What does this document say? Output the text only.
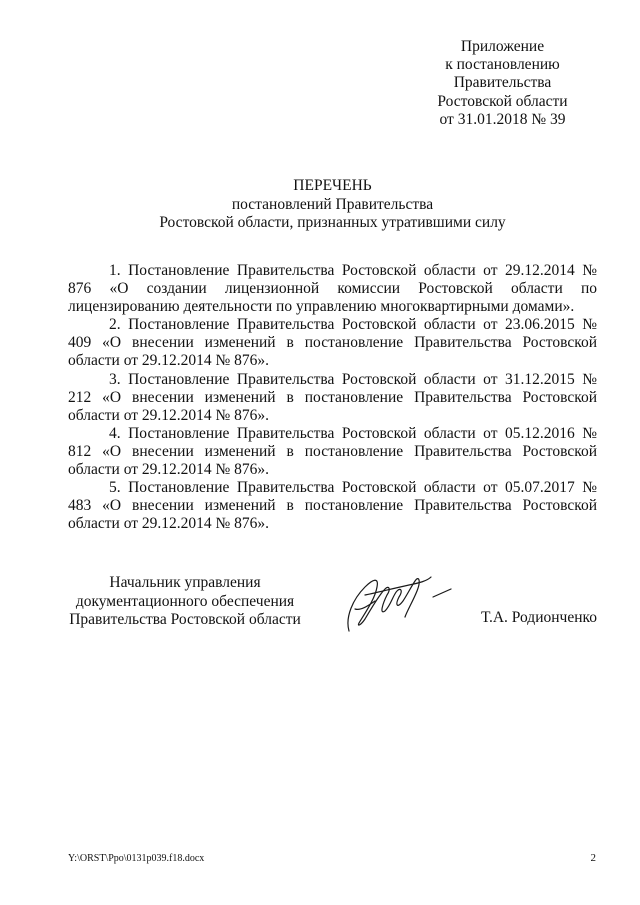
Приложение
к постановлению
Правительства
Ростовской области
от 31.01.2018 № 39
ПЕРЕЧЕНЬ
постановлений Правительства
Ростовской области, признанных утратившими силу

1. Постановление Правительства Ростовской области от 29.12.2014 № 876 «О создании лицензионной комиссии Ростовской области по лицензированию деятельности по управлению многоквартирными домами».

2. Постановление Правительства Ростовской области от 23.06.2015 № 409 «О внесении изменений в постановление Правительства Ростовской области от 29.12.2014 № 876».

3. Постановление Правительства Ростовской области от 31.12.2015 № 212 «О внесении изменений в постановление Правительства Ростовской области от 29.12.2014 № 876».

4. Постановление Правительства Ростовской области от 05.12.2016 № 812 «О внесении изменений в постановление Правительства Ростовской области от 29.12.2014 № 876».

5. Постановление Правительства Ростовской области от 05.07.2017 № 483 «О внесении изменений в постановление Правительства Ростовской области от 29.12.2014 № 876».

Начальник управления
документационного обеспечения
Правительства Ростовской области	Т.А. Родионченко
Y:\ORST\Ppo\0131p039.f18.docx	2
